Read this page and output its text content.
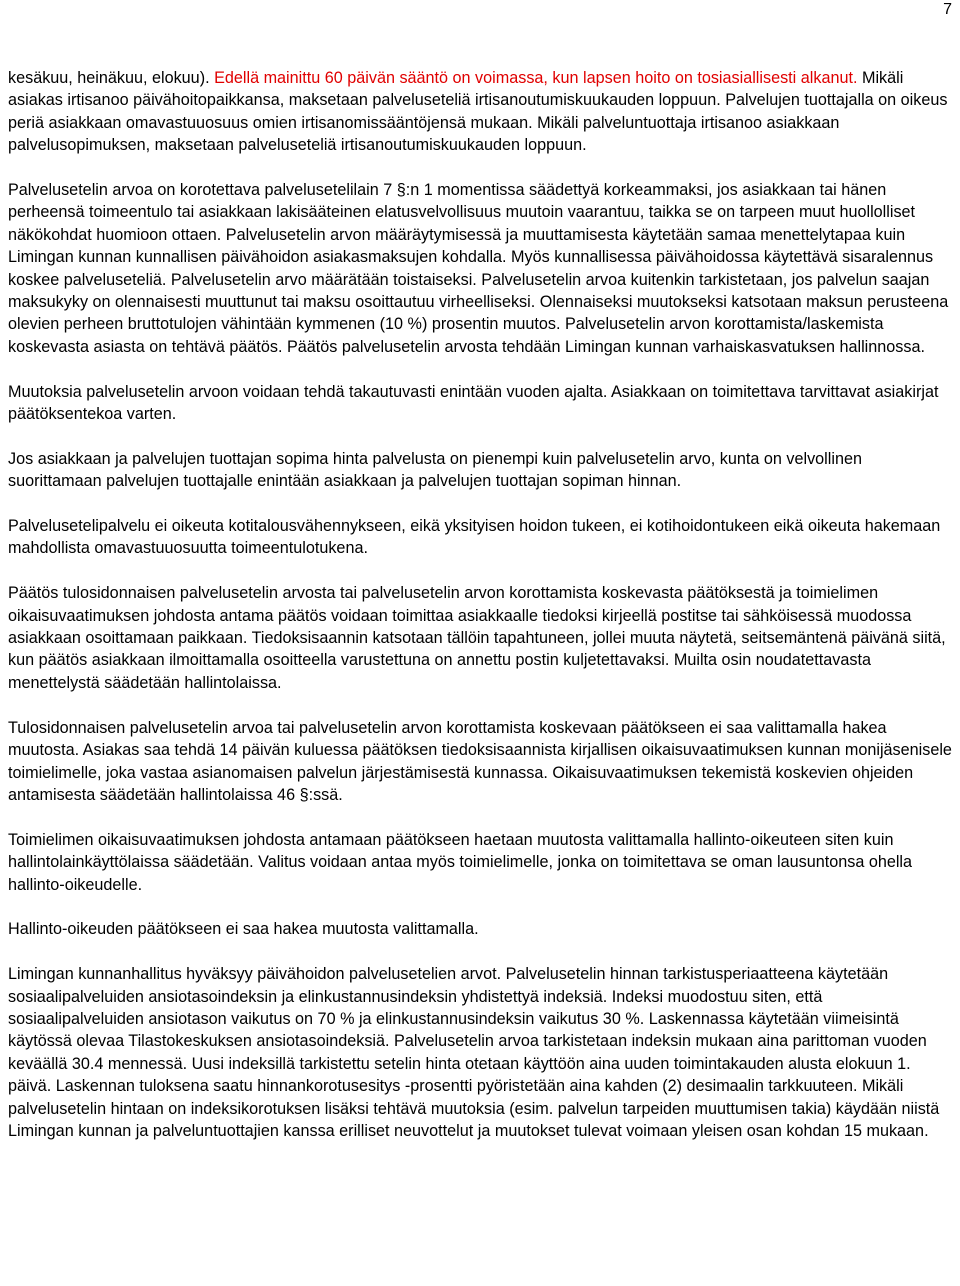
7

kesäkuu, heinäkuu, elokuu). Edellä mainittu 60 päivän sääntö on voimassa, kun lapsen hoito on tosiasiallisesti alkanut. Mikäli asiakas irtisanoo päivähoitopaikkansa, maksetaan palveluseteliä irtisanoutumiskuukauden loppuun. Palvelujen tuottajalla on oikeus periä asiakkaan omavastuuosuus omien irtisanomissääntöjensä mukaan. Mikäli palveluntuottaja irtisanoo asiakkaan palvelusopimuksen, maksetaan palveluseteliä irtisanoutumiskuukauden loppuun.

Palvelusetelin arvoa on korotettava palvelusetelilain 7 §:n 1 momentissa säädettyä korkeammaksi, jos asiakkaan tai hänen perheensä toimeentulo tai asiakkaan lakisääteinen elatusvelvollisuus muutoin vaarantuu, taikka se on tarpeen muut huollolliset näkökohdat huomioon ottaen. Palvelusetelin arvon määräytymisessä ja muuttamisesta käytetään samaa menettelytapaa kuin Limingan kunnan kunnallisen päivähoidon asiakasmaksujen kohdalla. Myös kunnallisessa päivähoidossa käytettävä sisaralennus koskee palveluseteliä. Palvelusetelin arvo määrätään toistaiseksi. Palvelusetelin arvoa kuitenkin tarkistetaan, jos palvelun saajan maksukyky on olennaisesti muuttunut tai maksu osoittautuu virheelliseksi. Olennaiseksi muutokseksi katsotaan maksun perusteena olevien perheen bruttotulojen vähintään kymmenen (10 %) prosentin muutos. Palvelusetelin arvon korottamista/laskemista koskevasta asiasta on tehtävä päätös. Päätös palvelusetelin arvosta tehdään Limingan kunnan varhaiskasvatuksen hallinnossa.

Muutoksia palvelusetelin arvoon voidaan tehdä takautuvasti enintään vuoden ajalta. Asiakkaan on toimitettava tarvittavat asiakirjat päätöksentekoa varten.

Jos asiakkaan ja palvelujen tuottajan sopima hinta palvelusta on pienempi kuin palvelusetelin arvo, kunta on velvollinen suorittamaan palvelujen tuottajalle enintään asiakkaan ja palvelujen tuottajan sopiman hinnan.

Palvelusetelipalvelu ei oikeuta kotitalousvähennykseen, eikä yksityisen hoidon tukeen, ei kotihoidontukeen eikä oikeuta hakemaan mahdollista omavastuuosuutta toimeentulotukena.

Päätös tulosidonnaisen palvelusetelin arvosta tai palvelusetelin arvon korottamista koskevasta päätöksestä ja toimielimen oikaisuvaatimuksen johdosta antama päätös voidaan toimittaa asiakkaalle tiedoksi kirjeellä postitse tai sähköisessä muodossa asiakkaan osoittamaan paikkaan. Tiedoksisaannin katsotaan tällöin tapahtuneen, jollei muuta näytetä, seitsemäntenä päivänä siitä, kun päätös asiakkaan ilmoittamalla osoitteella varustettuna on annettu postin kuljetettavaksi. Muilta osin noudatettavasta menettelystä säädetään hallintolaissa.

Tulosidonnaisen palvelusetelin arvoa tai palvelusetelin arvon korottamista koskevaan päätökseen ei saa valittamalla hakea muutosta. Asiakas saa tehdä 14 päivän kuluessa päätöksen tiedoksisaannista kirjallisen oikaisuvaatimuksen kunnan monijäsenisele toimielimelle, joka vastaa asianomaisen palvelun järjestämisestä kunnassa. Oikaisuvaatimuksen tekemistä koskevien ohjeiden antamisesta säädetään hallintolaissa 46 §:ssä.

Toimielimen oikaisuvaatimuksen johdosta antamaan päätökseen haetaan muutosta valittamalla hallinto-oikeuteen siten kuin hallintolainkäyttölaissa säädetään. Valitus voidaan antaa myös toimielimelle, jonka on toimitettava se oman lausuntonsa ohella hallinto-oikeudelle.

Hallinto-oikeuden päätökseen ei saa hakea muutosta valittamalla.

Limingan kunnanhallitus hyväksyy päivähoidon palvelusetelien arvot. Palvelusetelin hinnan tarkistusperiaatteena käytetään sosiaalipalveluiden ansiotasoindeksin ja elinkustannusindeksin yhdistettyä indeksiä. Indeksi muodostuu siten, että sosiaalipalveluiden ansiotason vaikutus on 70 % ja elinkustannusindeksin vaikutus 30 %. Laskennassa käytetään viimeisintä käytössä olevaa Tilastokeskuksen ansiotasoindeksiä. Palvelusetelin arvoa tarkistetaan indeksin mukaan aina parittoman vuoden keväällä 30.4 mennessä. Uusi indeksillä tarkistettu setelin hinta otetaan käyttöön aina uuden toimintakauden alusta elokuun 1. päivä. Laskennan tuloksena saatu hinnankorotusesitys -prosentti pyöristetään aina kahden (2) desimaalin tarkkuuteen. Mikäli palvelusetelin hintaan on indeksikorotuksen lisäksi tehtävä muutoksia (esim. palvelun tarpeiden muuttumisen takia) käydään niistä Limingan kunnan ja palveluntuottajien kanssa erilliset neuvottelut ja muutokset tulevat voimaan yleisen osan kohdan 15 mukaan.
